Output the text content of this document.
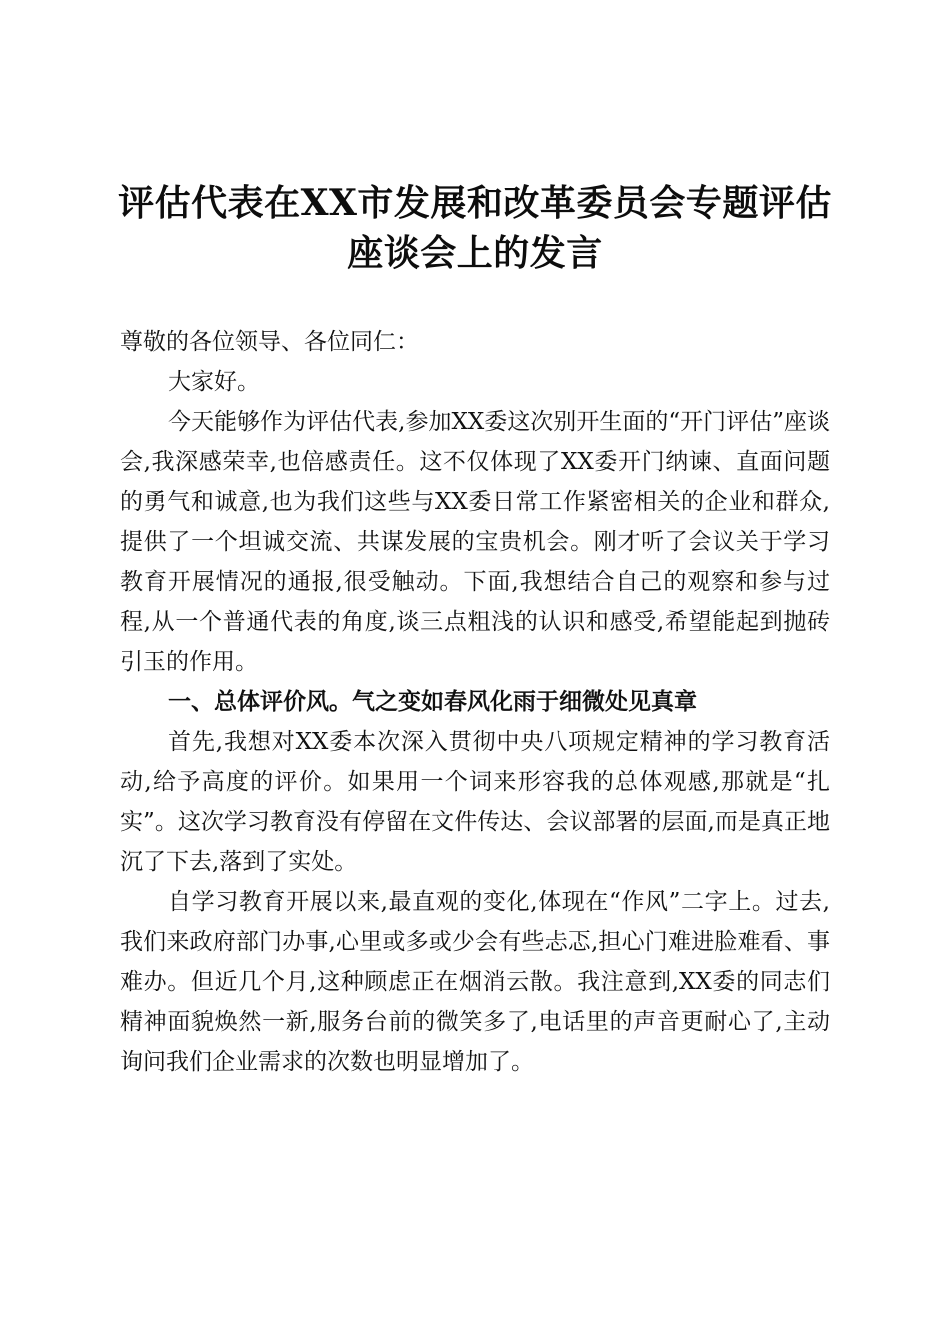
评估代表在XX市发展和改革委员会专题评估
座谈会上的发言

尊敬的各位领导、各位同仁：

大家好。

今天能够作为评估代表,参加XX委这次别开生面的“开门评估”座谈会,我深感荣幸,也倍感责任。这不仅体现了XX委开门纳谏、直面问题的勇气和诚意,也为我们这些与XX委日常工作紧密相关的企业和群众,提供了一个坦诚交流、共谋发展的宝贵机会。刚才听了会议关于学习教育开展情况的通报,很受触动。下面,我想结合自己的观察和参与过程,从一个普通代表的角度,谈三点粗浅的认识和感受,希望能起到抛砖引玉的作用。

一、总体评价风。气之变如春风化雨于细微处见真章

首先,我想对XX委本次深入贯彻中央八项规定精神的学习教育活动,给予高度的评价。如果用一个词来形容我的总体观感,那就是“扎实”。这次学习教育没有停留在文件传达、会议部署的层面,而是真正地沉了下去,落到了实处。

自学习教育开展以来,最直观的变化,体现在“作风”二字上。过去,我们来政府部门办事,心里或多或少会有些忐忑,担心门难进脸难看、事难办。但近几个月,这种顾虑正在烟消云散。我注意到,XX委的同志们精神面貌焕然一新,服务台前的微笑多了,电话里的声音更耐心了,主动询问我们企业需求的次数也明显增加了。
